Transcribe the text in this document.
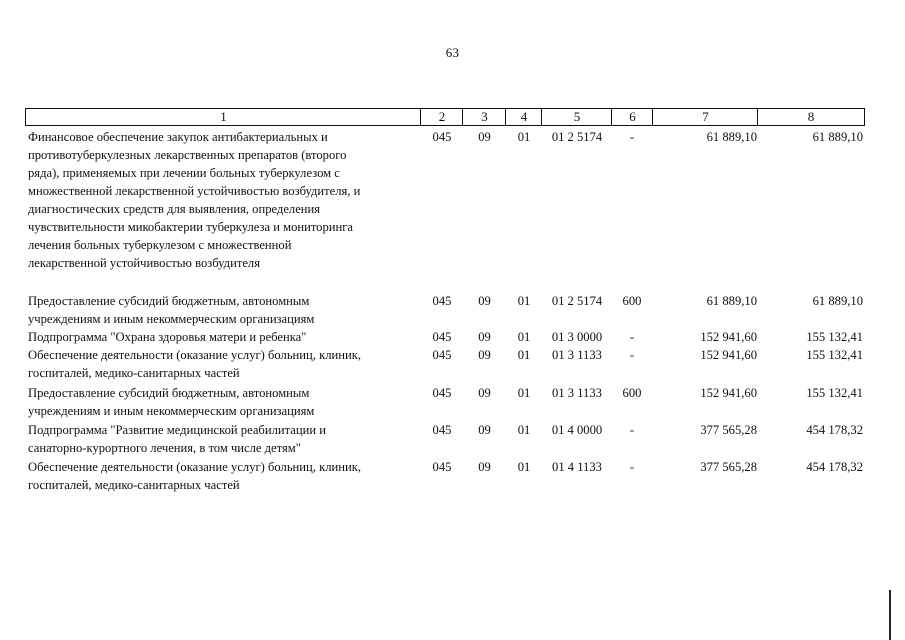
63
1	2	3	4	5	6	7	8
Финансовое обеспечение закупок антибактериальных и
противотуберкулезных лекарственных препаратов (второго
ряда), применяемых при лечении больных туберкулезом с
множественной лекарственной устойчивостью возбудителя, и
диагностических средств для выявления, определения
чувствительности микобактерии туберкулеза и мониторинга
лечения больных туберкулезом с множественной
лекарственной устойчивостью возбудителя
045	09	01	01 2 5174	-	61 889,10	61 889,10
Предоставление субсидий бюджетным, автономным
учреждениям и иным некоммерческим организациям
045	09	01	01 2 5174	600	61 889,10	61 889,10
Подпрограмма "Охрана здоровья матери и ребенка"	045	09	01	01 3 0000	-	152 941,60	155 132,41
Обеспечение деятельности (оказание услуг) больниц, клиник,
госпиталей, медико-санитарных частей
045	09	01	01 3 1133	-	152 941,60	155 132,41
Предоставление субсидий бюджетным, автономным
учреждениям и иным некоммерческим организациям
045	09	01	01 3 1133	600	152 941,60	155 132,41
Подпрограмма "Развитие медицинской реабилитации и
санаторно-курортного лечения, в том числе детям"
045	09	01	01 4 0000	-	377 565,28	454 178,32
Обеспечение деятельности (оказание услуг) больниц, клиник,
госпиталей, медико-санитарных частей
045	09	01	01 4 1133	-	377 565,28	454 178,32
